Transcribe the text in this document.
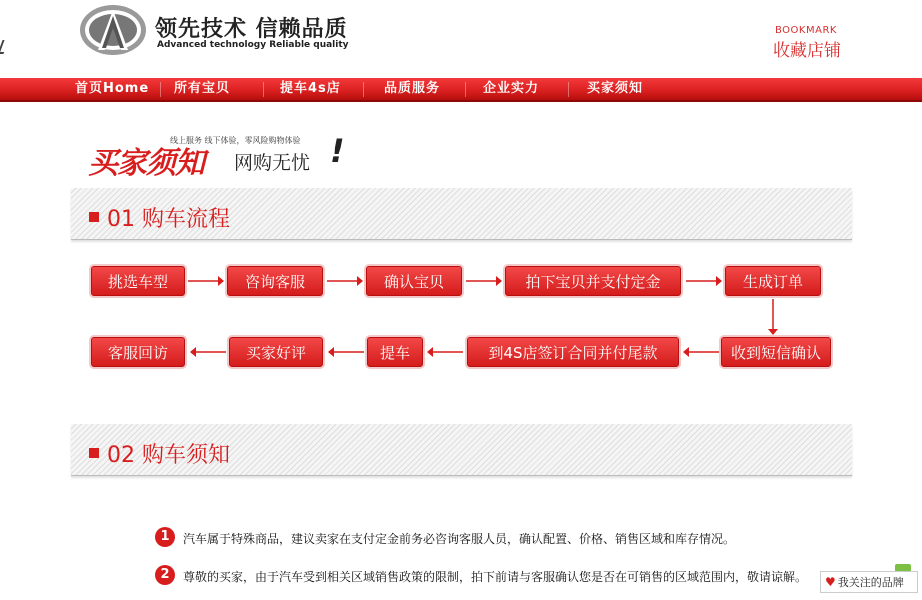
领先技术 信赖品质
Advanced technology Reliable quality
BOOKMARK
收藏店铺
首页Home 所有宝贝	提车4s店	品质服务	企业实力	买家须知
线上服务 线下体验，零风险购物体验
买家须知 网购无忧 !
01 购车流程
挑选车型	咨询客服	确认宝贝	拍下宝贝并支付定金	生成订单
收到短信确认
到4S店签订合同并付尾款
提车
买家好评
客服回访
02 购车须知
1	汽车属于特殊商品，建议卖家在支付定金前务必咨询客服人员，确认配置、价格、销售区域和库存情况。
2	尊敬的买家，由于汽车受到相关区域销售政策的限制，拍下前请与客服确认您是否在可销售的区域范围内，敬请谅解。	♥ 我关注的品牌
